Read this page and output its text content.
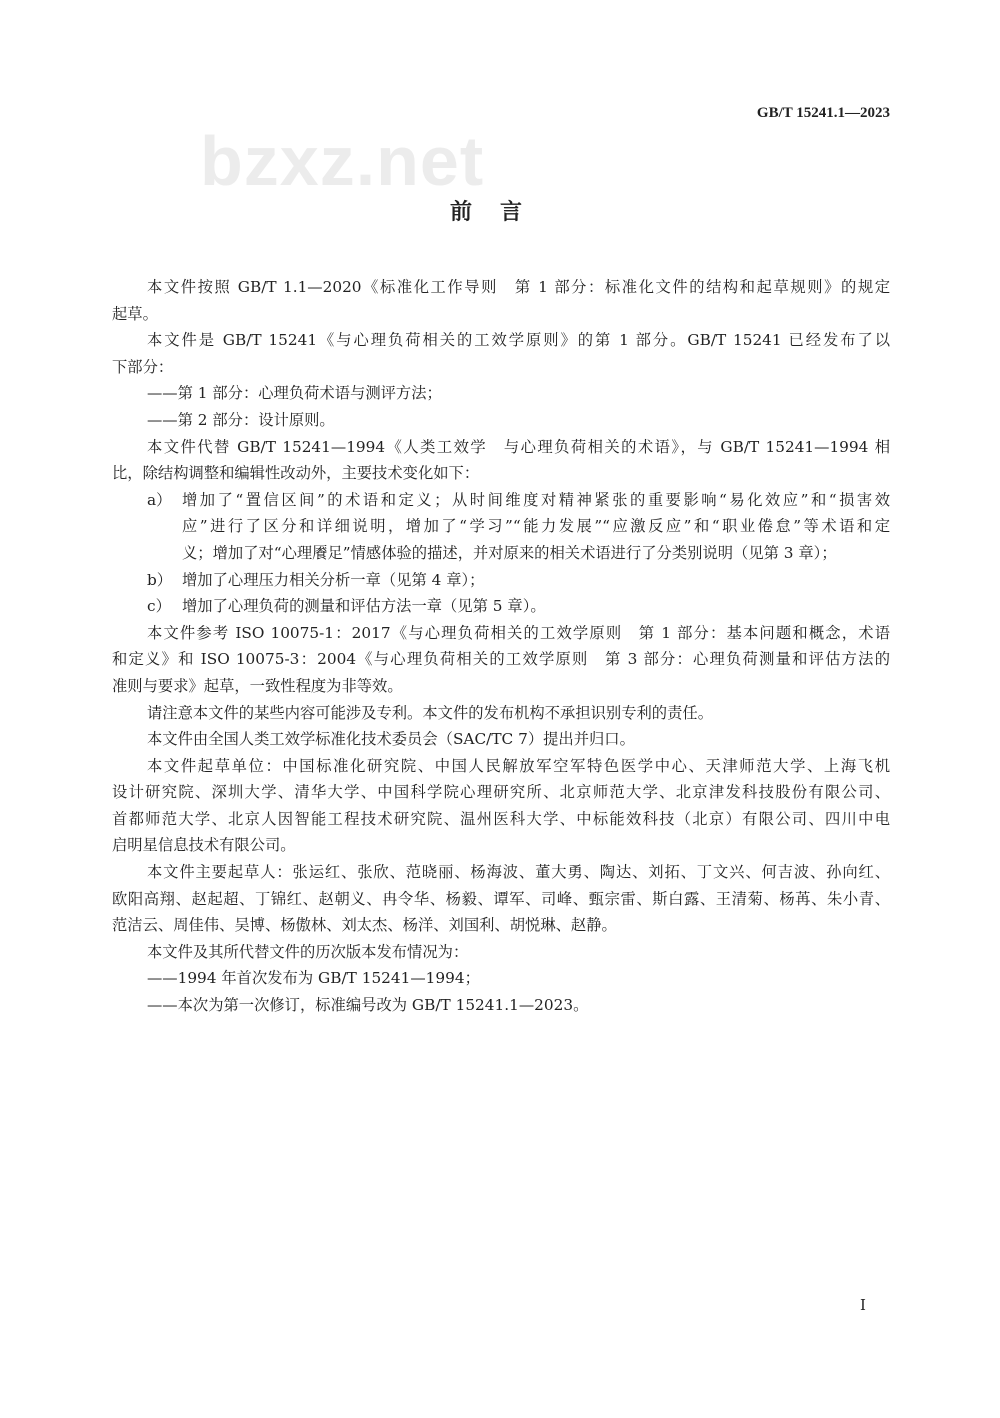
GB/T 15241.1—2023
bzxz.net
前言
本文件按照 GB/T 1.1—2020《标准化工作导则　第 1 部分：标准化文件的结构和起草规则》的规定
起草。
本文件是 GB/T 15241《与心理负荷相关的工效学原则》的第 1 部分。GB/T 15241 已经发布了以
下部分：
——第 1 部分：心理负荷术语与测评方法；
——第 2 部分：设计原则。
本文件代替 GB/T 15241—1994《人类工效学　与心理负荷相关的术语》，与 GB/T 15241—1994 相
比，除结构调整和编辑性改动外，主要技术变化如下：
a） 增加了“置信区间”的术语和定义；从时间维度对精神紧张的重要影响“易化效应”和“损害效
应”进行了区分和详细说明，增加了“学习”“能力发展”“应激反应”和“职业倦怠”等术语和定
义；增加了对“心理餍足”情感体验的描述，并对原来的相关术语进行了分类别说明（见第 3 章）；
b） 增加了心理压力相关分析一章（见第 4 章）；
c） 增加了心理负荷的测量和评估方法一章（见第 5 章）。
本文件参考 ISO 10075-1：2017《与心理负荷相关的工效学原则　第 1 部分：基本问题和概念，术语
和定义》和 ISO 10075-3：2004《与心理负荷相关的工效学原则　第 3 部分：心理负荷测量和评估方法的
准则与要求》起草，一致性程度为非等效。
请注意本文件的某些内容可能涉及专利。本文件的发布机构不承担识别专利的责任。
本文件由全国人类工效学标准化技术委员会（SAC/TC 7）提出并归口。
本文件起草单位：中国标准化研究院、中国人民解放军空军特色医学中心、天津师范大学、上海飞机
设计研究院、深圳大学、清华大学、中国科学院心理研究所、北京师范大学、北京津发科技股份有限公司、
首都师范大学、北京人因智能工程技术研究院、温州医科大学、中标能效科技（北京）有限公司、四川中电
启明星信息技术有限公司。
本文件主要起草人：张运红、张欣、范晓丽、杨海波、董大勇、陶达、刘拓、丁文兴、何吉波、孙向红、
欧阳高翔、赵起超、丁锦红、赵朝义、冉令华、杨毅、谭军、司峰、甄宗雷、斯白露、王清菊、杨苒、朱小青、
范洁云、周佳伟、吴博、杨傲林、刘太杰、杨洋、刘国利、胡悦琳、赵静。
本文件及其所代替文件的历次版本发布情况为：
——1994 年首次发布为 GB/T 15241—1994；
——本次为第一次修订，标准编号改为 GB/T 15241.1—2023。
I
